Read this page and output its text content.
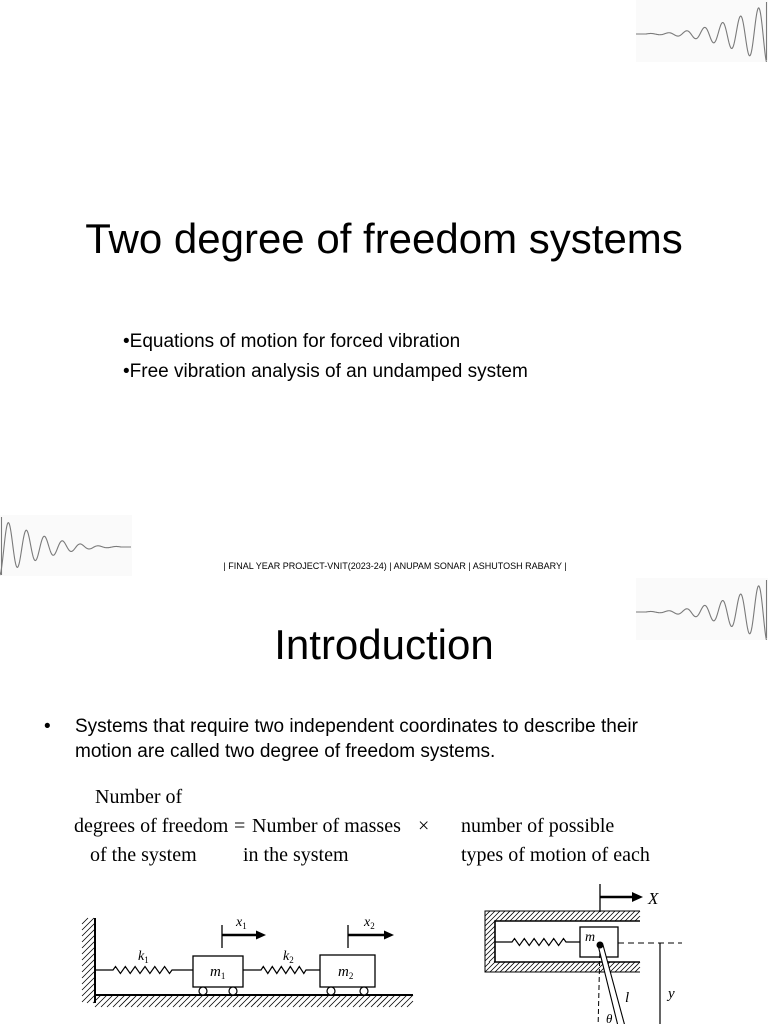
Two degree of freedom systems
•Equations of motion for forced vibration
•Free vibration analysis of an undamped system
| FINAL YEAR PROJECT-VNIT(2023-24) | ANUPAM SONAR | ASHUTOSH RABARY |
Introduction
• Systems that require two independent coordinates to describe their
motion are called two degree of freedom systems.
Number of
degrees of freedom
of the system
= Number of masses
in the system
× number of possible
types of motion of each
$k_1$	$k_2$
$m_1$	$m_2$
$x_1$	$x_2$
X
m
l	y
θ
